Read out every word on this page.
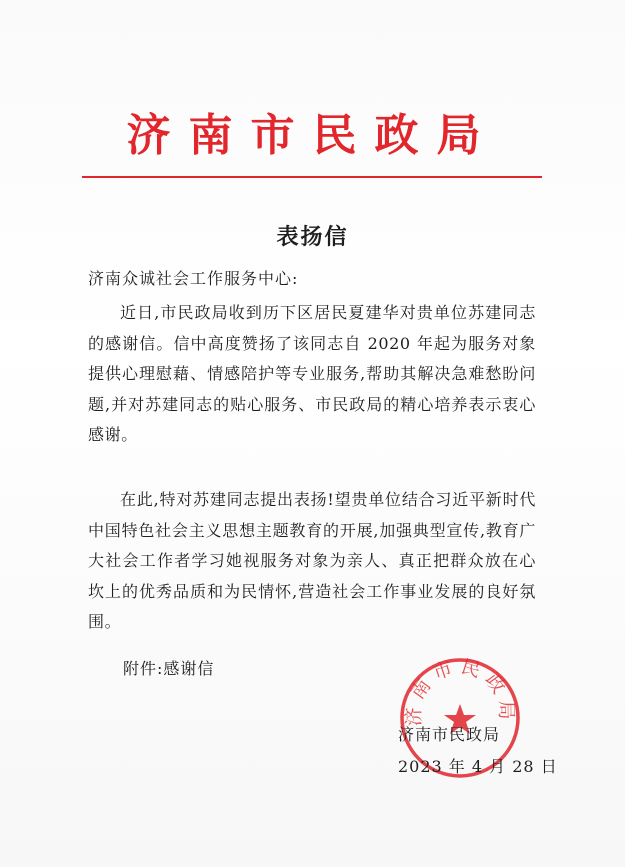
济南市民政局
表扬信
济南众诚社会工作服务中心:
近日,市民政局收到历下区居民夏建华对贵单位苏建同志的感谢信。信中高度赞扬了该同志自 2020 年起为服务对象提供心理慰藉、情感陪护等专业服务,帮助其解决急难愁盼问题,并对苏建同志的贴心服务、市民政局的精心培养表示衷心感谢。
在此,特对苏建同志提出表扬!望贵单位结合习近平新时代中国特色社会主义思想主题教育的开展,加强典型宣传,教育广大社会工作者学习她视服务对象为亲人、真正把群众放在心坎上的优秀品质和为民情怀,营造社会工作事业发展的良好氛围。
附件:感谢信
济南市民政局
济南市民政局
2023 年 4 月 28 日
